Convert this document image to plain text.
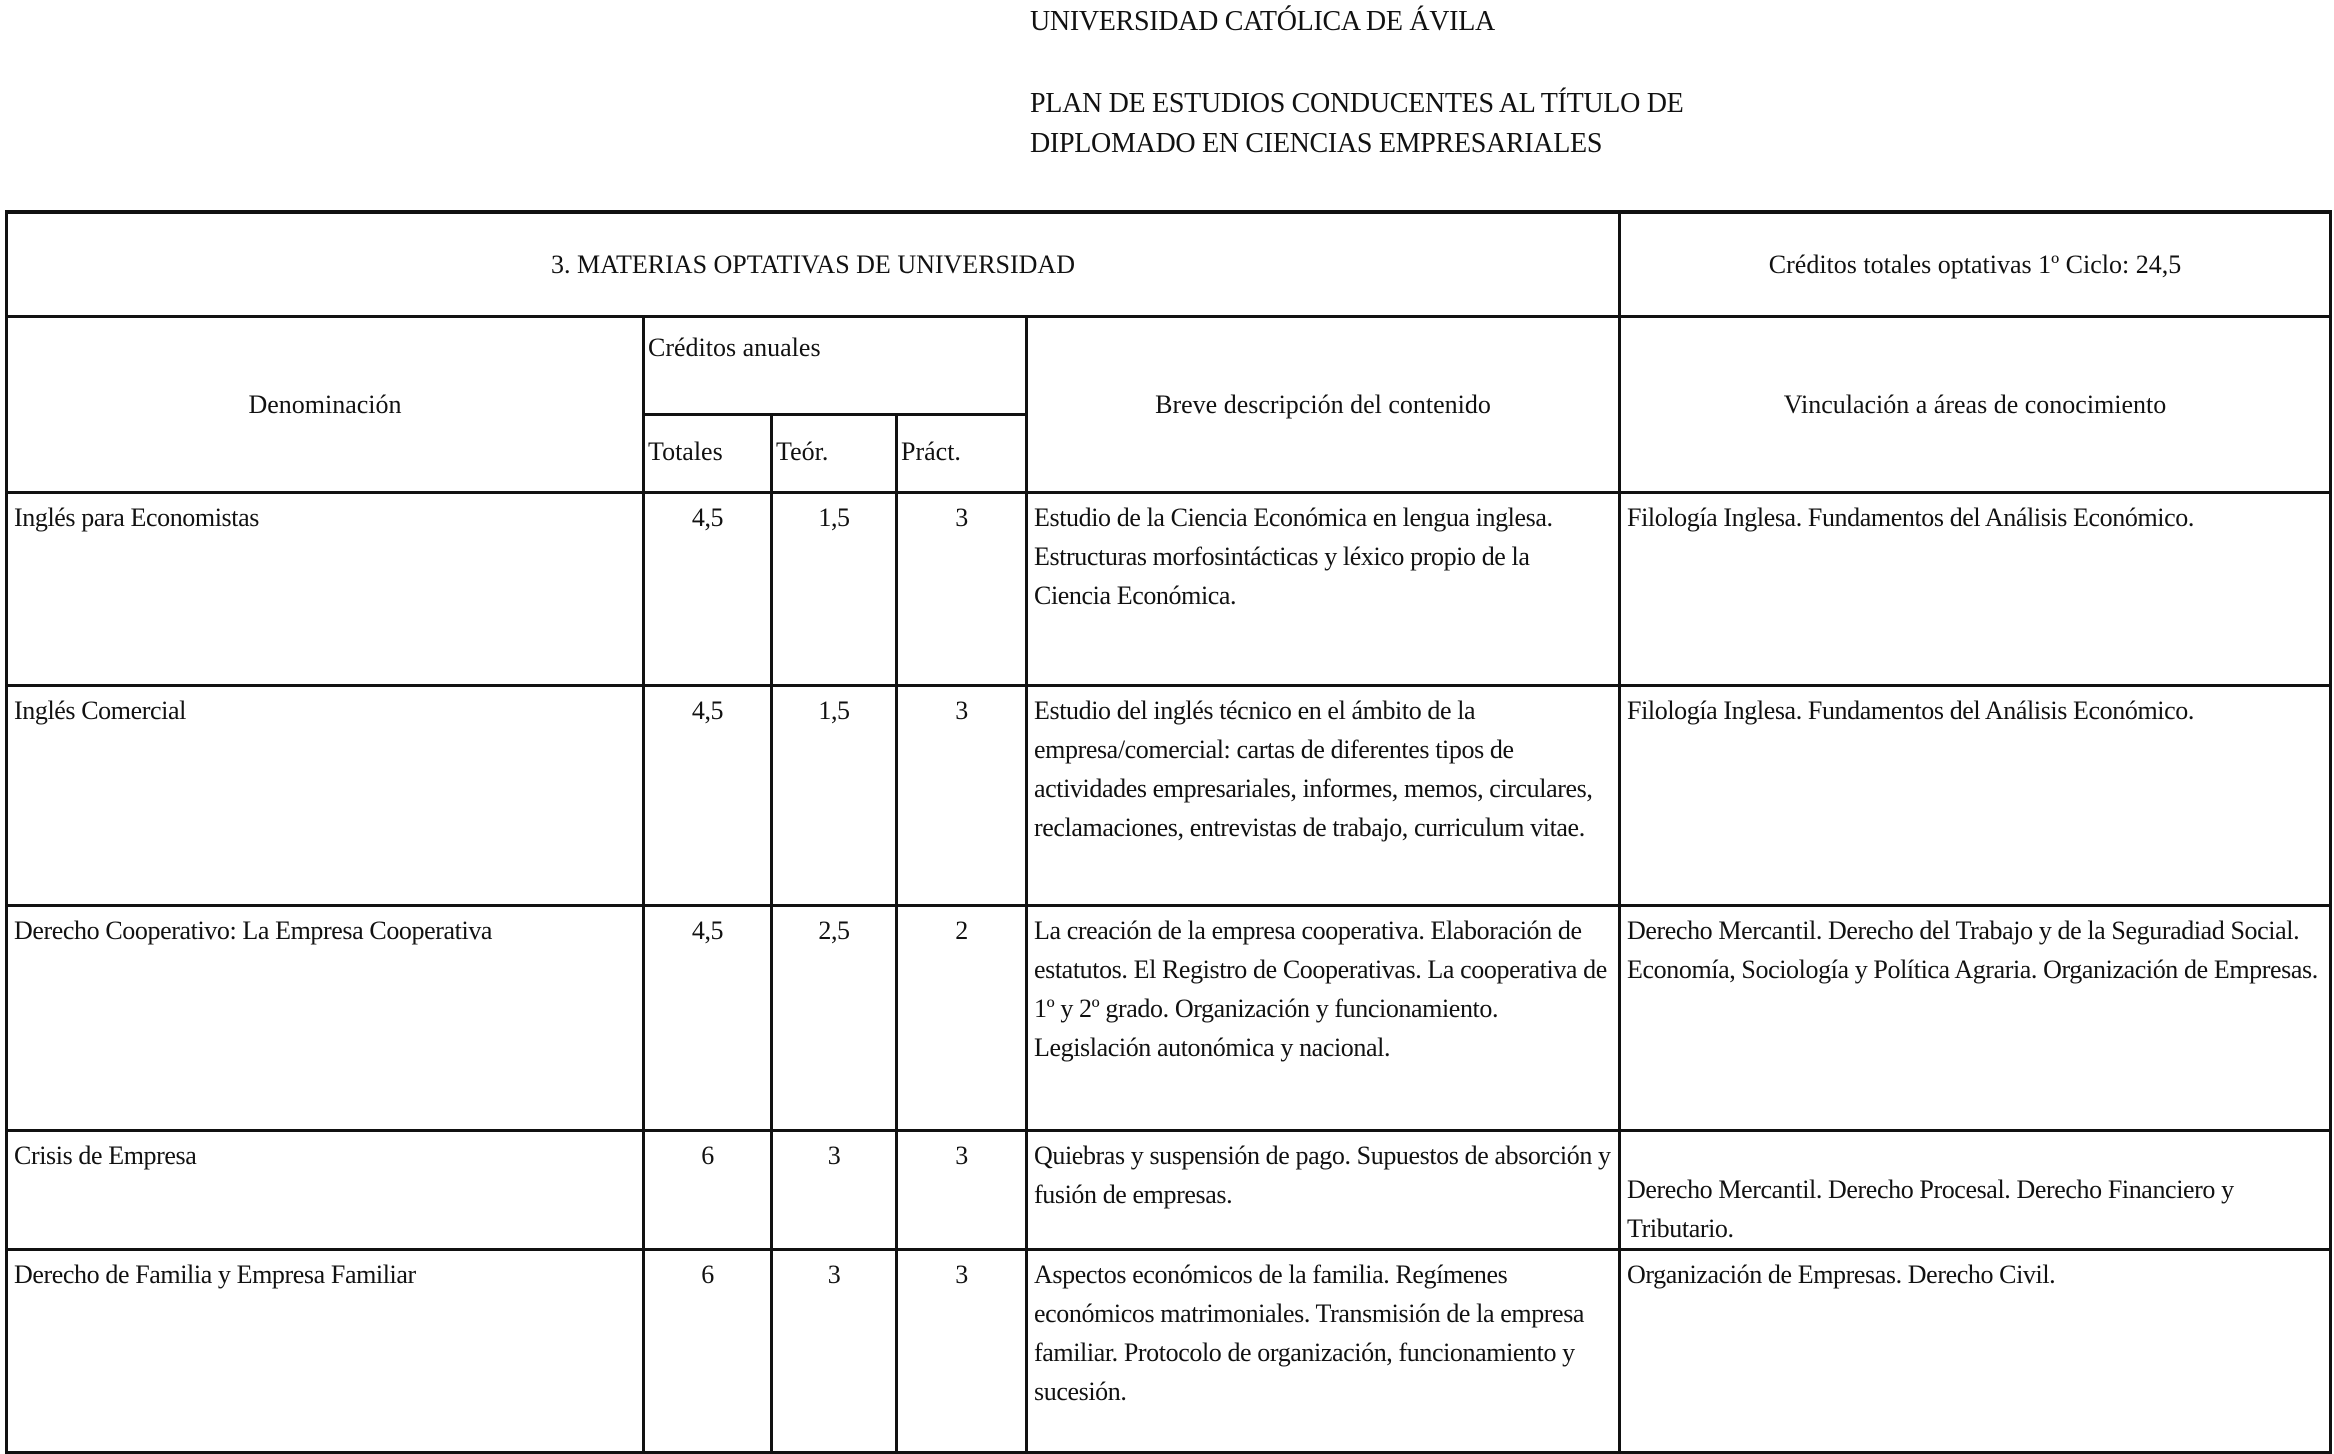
UNIVERSIDAD CATÓLICA DE ÁVILA
PLAN DE ESTUDIOS CONDUCENTES AL TÍTULO DE
DIPLOMADO EN CIENCIAS EMPRESARIALES
3. MATERIAS OPTATIVAS DE UNIVERSIDAD					Créditos totales optativas 1º Ciclo: 24,5
Denominación	Créditos anuales			Breve descripción del contenido	Vinculación a áreas de conocimiento

	Totales	Teór.	Práct.		

Inglés para Economistas	4,5	1,5	3	Estudio de la Ciencia Económica en lengua inglesa. Estructuras morfosintácticas y léxico propio de la Ciencia Económica.	Filología Inglesa. Fundamentos del Análisis Económico.

Inglés Comercial	4,5	1,5	3	Estudio del inglés técnico en el ámbito de la empresa/comercial: cartas de diferentes tipos de actividades empresariales, informes, memos, circulares, reclamaciones, entrevistas de trabajo, curriculum vitae.	Filología Inglesa. Fundamentos del Análisis Económico.

Derecho Cooperativo: La Empresa Cooperativa	4,5	2,5	2	La creación de la empresa cooperativa. Elaboración de estatutos. El Registro de Cooperativas. La cooperativa de 1º y 2º grado. Organización y funcionamiento. Legislación autonómica y nacional.	Derecho Mercantil. Derecho del Trabajo y de la Seguradiad Social. Economía, Sociología y Política Agraria. Organización de Empresas.

Crisis de Empresa	6	3	3	Quiebras y suspensión de pago. Supuestos de absorción y fusión de empresas.	Derecho Mercantil. Derecho Procesal. Derecho Financiero y Tributario.

Derecho de Familia y Empresa Familiar	6	3	3	Aspectos económicos de la familia. Regímenes económicos matrimoniales. Transmisión de la empresa familiar. Protocolo de organización, funcionamiento y sucesión.	Organización de Empresas. Derecho Civil.
